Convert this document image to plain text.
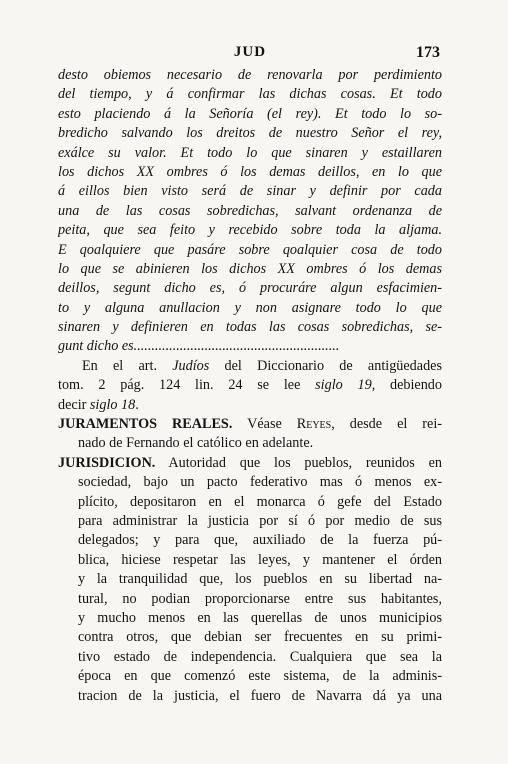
JUD	173
desto obiemos necesario de renovarla por perdimiento
del tiempo, y á confirmar las dichas cosas. Et todo
esto placiendo á la Señoría (el rey). Et todo lo so-
bredicho salvando los dreitos de nuestro Señor el rey,
exálce su valor. Et todo lo que sinaren y estaillaren
los dichos XX ombres ó los demas deillos, en lo que
á eillos bien visto será de sinar y definir por cada
una de las cosas sobredichas, salvant ordenanza de
peita, que sea feito y recebido sobre toda la aljama.
E qoalquiere que pasáre sobre qoalquier cosa de todo
lo que se abinieren los dichos XX ombres ó los demas
deillos, segunt dicho es, ó procuráre algun esfacimien-
to y alguna anullacion y non asignare todo lo que
sinaren y definieren en todas las cosas sobredichas, se-
gunt dicho es..........................................................
En el art. Judíos del Diccionario de antigüedades
tom. 2 pág. 124 lin. 24 se lee siglo 19, debiendo
decir siglo 18.
JURAMENTOS REALES. Véase Reyes, desde el rei-
nado de Fernando el católico en adelante.
JURISDICION. Autoridad que los pueblos, reunidos en
sociedad, bajo un pacto federativo mas ó menos ex-
plícito, depositaron en el monarca ó gefe del Estado
para administrar la justicia por sí ó por medio de sus
delegados; y para que, auxiliado de la fuerza pú-
blica, hiciese respetar las leyes, y mantener el órden
y la tranquilidad que, los pueblos en su libertad na-
tural, no podian proporcionarse entre sus habitantes,
y mucho menos en las querellas de unos municipios
contra otros, que debian ser frecuentes en su primi-
tivo estado de independencia. Cualquiera que sea la
época en que comenzó este sistema, de la adminis-
tracion de la justicia, el fuero de Navarra dá ya una
